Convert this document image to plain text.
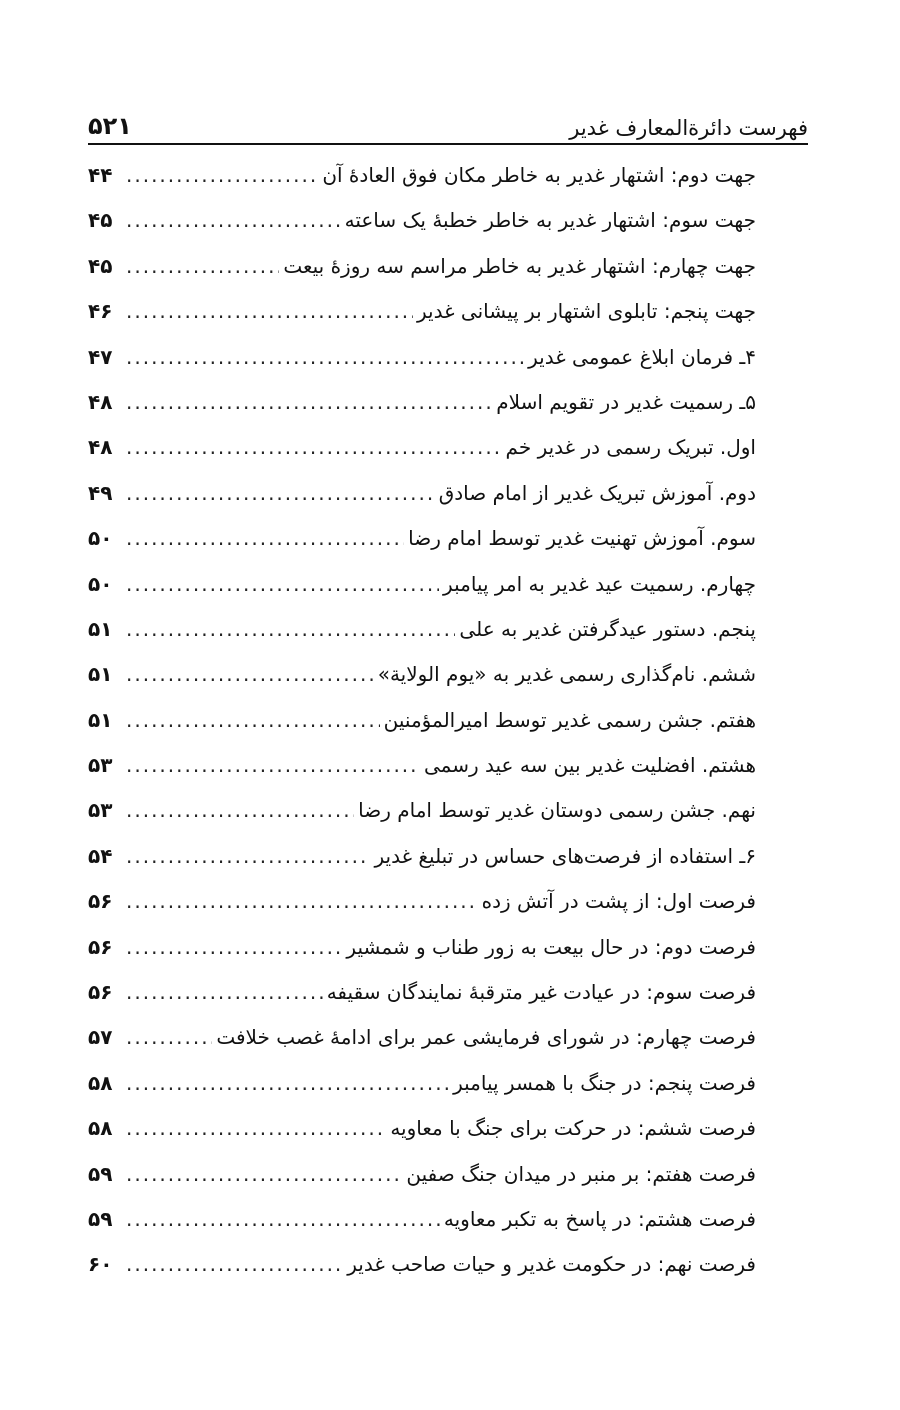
فهرست دائرةالمعارف غدیر
۵۲۱
جهت دوم: اشتهار غدیر به خاطر مکان فوق العادۀ آن
.....
۴۴
جهت سوم: اشتهار غدیر به خاطر خطبۀ یک ساعته
.....
۴۵
جهت چهارم: اشتهار غدیر به خاطر مراسم سه روزۀ بیعت
.....
۴۵
جهت پنجم: تابلوی اشتهار بر پیشانی غدیر
.....
۴۶
۴ـ فرمان ابلاغ عمومی غدیر
.....
۴۷
۵ـ رسمیت غدیر در تقویم اسلام
.....
۴۸
اول. تبریک رسمی در غدیر خم
.....
۴۸
دوم. آموزش تبریک غدیر از امام صادق
.....
۴۹
سوم. آموزش تهنیت غدیر توسط امام رضا
.....
۵۰
چهارم. رسمیت عید غدیر به امر پیامبر
.....
۵۰
پنجم. دستور عیدگرفتن غدیر به علی
.....
۵۱
ششم. نام‌گذاری رسمی غدیر به «یوم الولایة»
.....
۵۱
هفتم. جشن رسمی غدیر توسط امیرالمؤمنین
.....
۵۱
هشتم. افضلیت غدیر بین سه عید رسمی
.....
۵۳
نهم. جشن رسمی دوستان غدیر توسط امام رضا
.....
۵۳
۶ـ استفاده از فرصت‌های حساس در تبلیغ غدیر
.....
۵۴
فرصت اول: از پشت در آتش زده
.....
۵۶
فرصت دوم: در حال بیعت به زور طناب و شمشیر
.....
۵۶
فرصت سوم: در عیادت غیر مترقبۀ نمایندگان سقیفه
.....
۵۶
فرصت چهارم: در شورای فرمایشی عمر برای ادامۀ غصب خلافت
.....
۵۷
فرصت پنجم: در جنگ با همسر پیامبر
.....
۵۸
فرصت ششم: در حرکت برای جنگ با معاویه
.....
۵۸
فرصت هفتم: بر منبر در میدان جنگ صفین
.....
۵۹
فرصت هشتم: در پاسخ به تکبر معاویه
.....
۵۹
فرصت نهم: در حکومت غدیر و حیات صاحب غدیر
.....
۶۰
